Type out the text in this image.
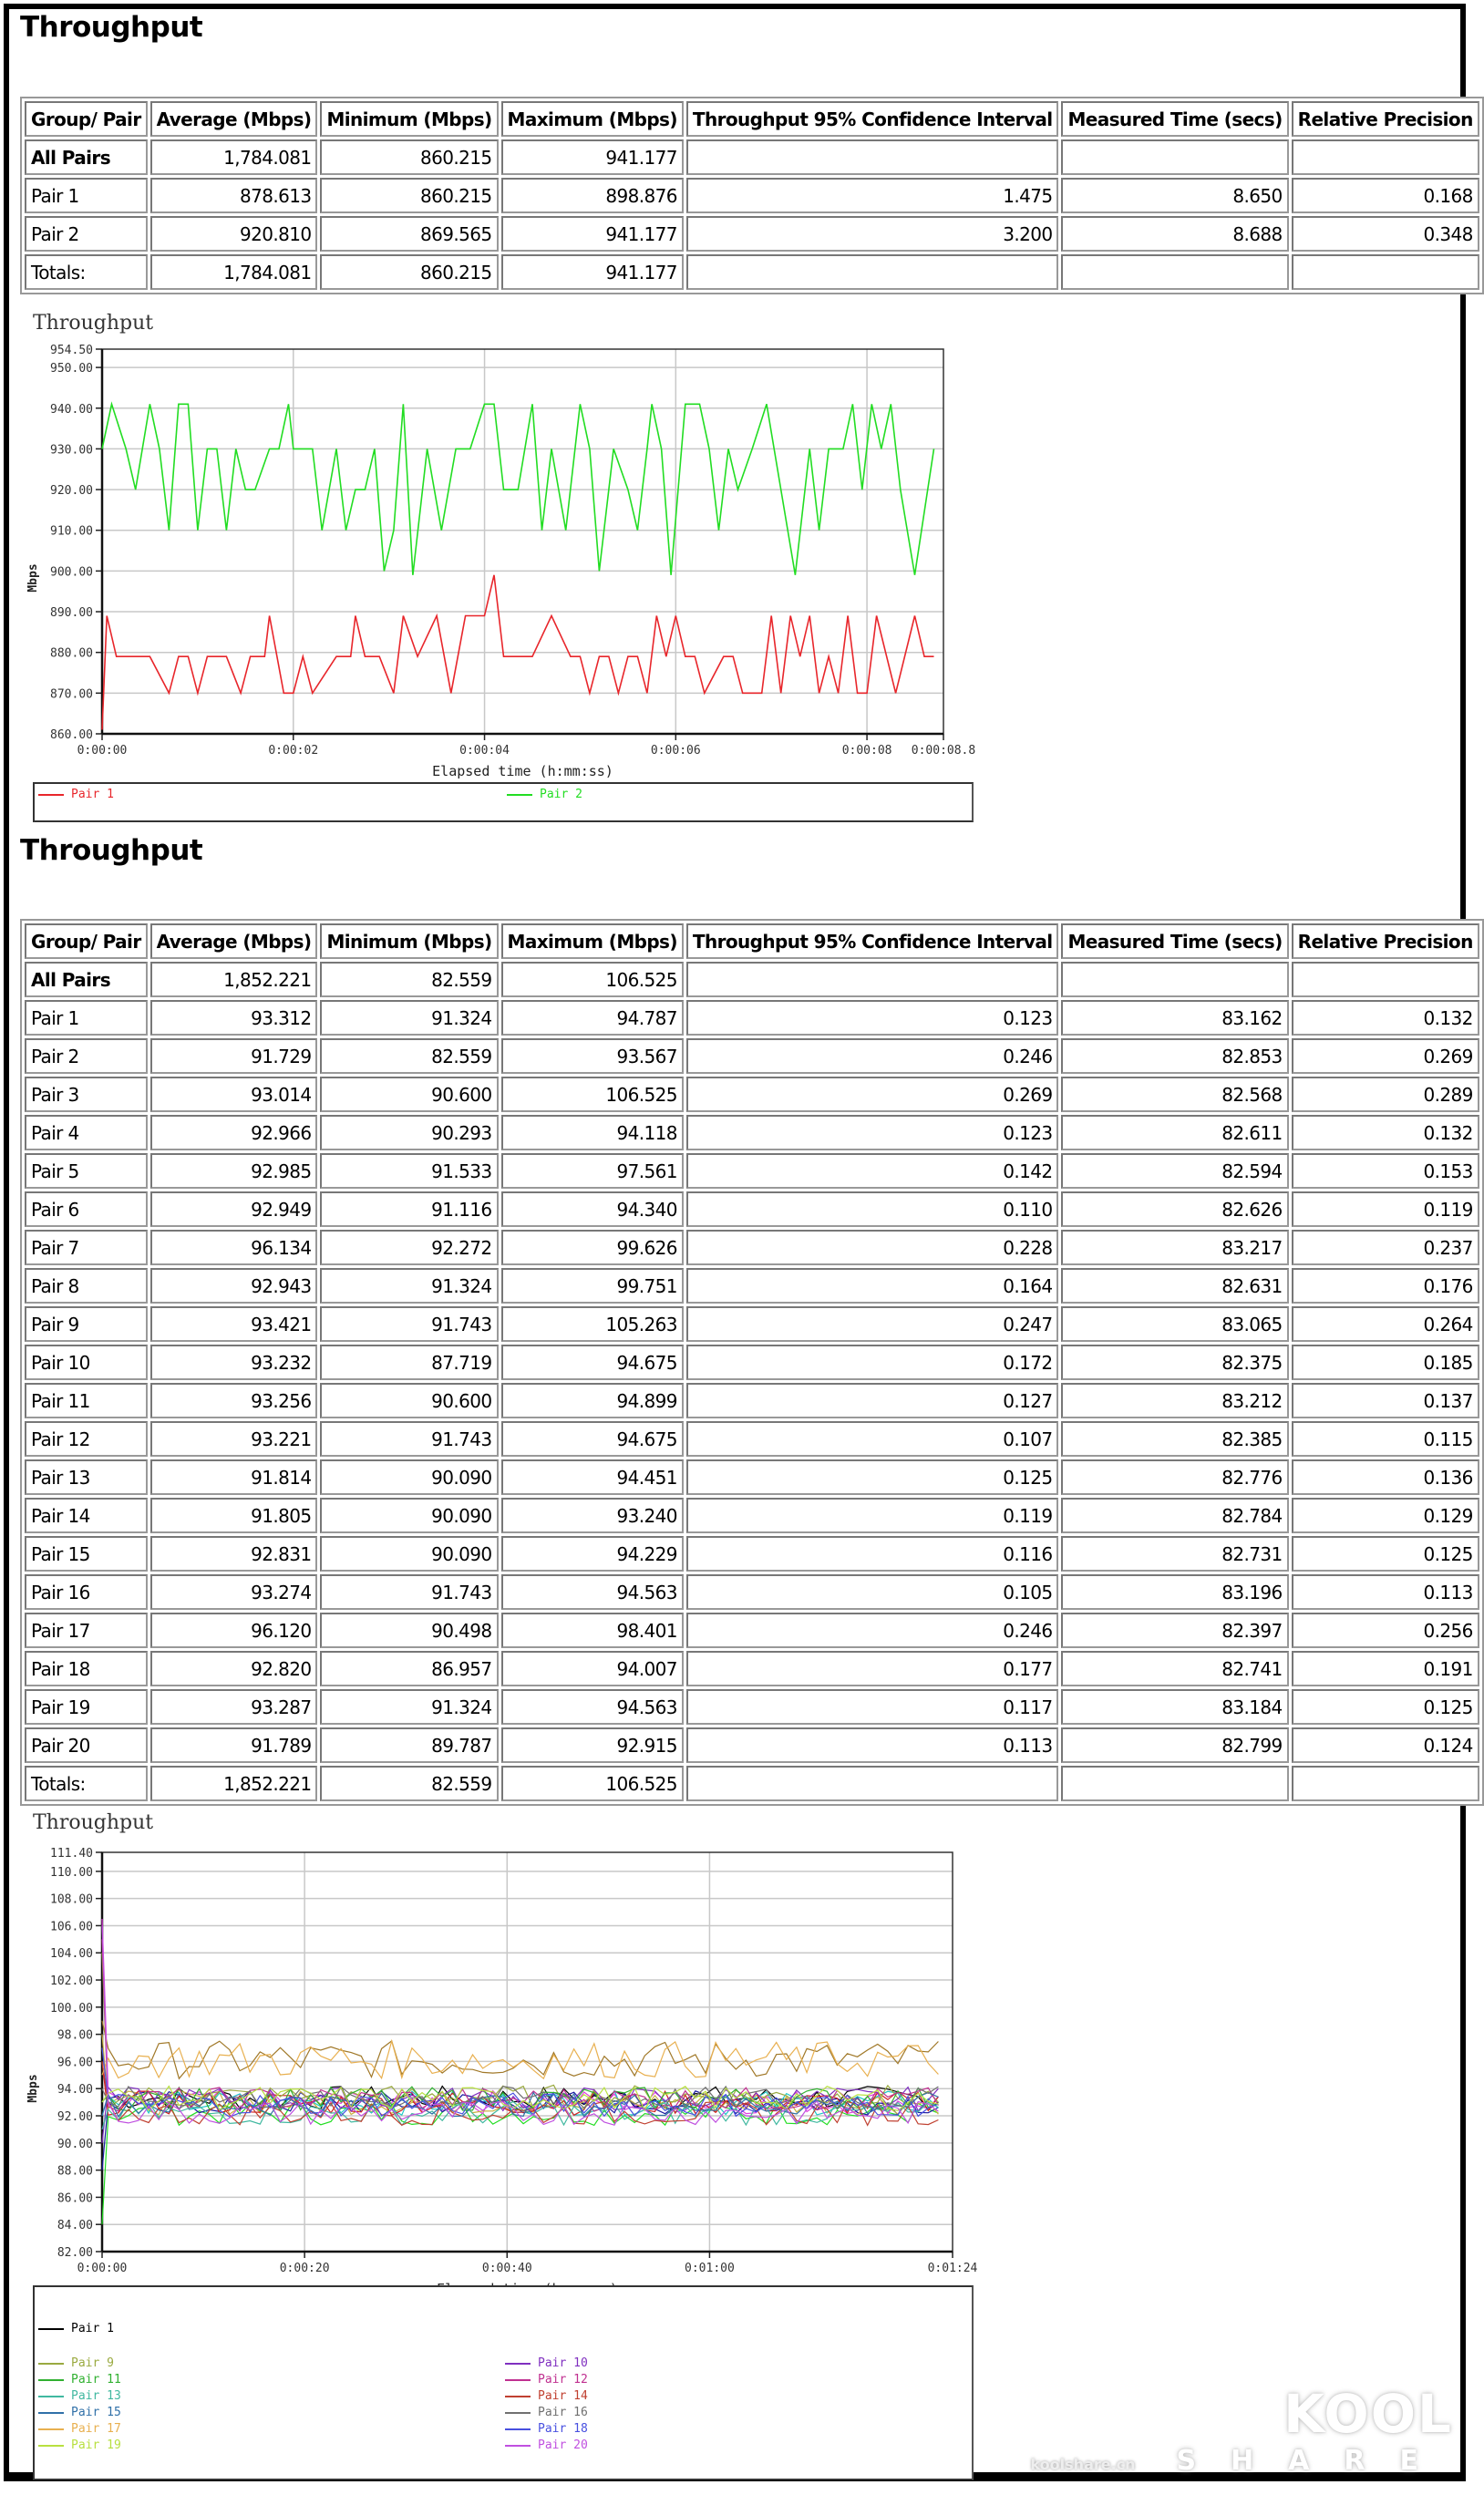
Throughput
Group/ Pair	Average (Mbps)	Minimum (Mbps)	Maximum (Mbps)	Throughput 95% Confidence Interval	Measured Time (secs)	Relative Precision
All Pairs	1,784.081	860.215	941.177			
Pair 1	878.613	860.215	898.876	1.475	8.650	0.168
Pair 2	920.810	869.565	941.177	3.200	8.688	0.348
Totals:	1,784.081	860.215	941.177			
Throughput
954.50
950.00
940.00
930.00
920.00
910.00
900.00
890.00
880.00
870.00
860.00
0:00:00	0:00:02	0:00:04	0:00:06	0:00:08 0:00:08.8
Elapsed time (h:mm:ss)
Mbps
Pair 1	Pair 2
Throughput
Group/ Pair	Average (Mbps)	Minimum (Mbps)	Maximum (Mbps)	Throughput 95% Confidence Interval	Measured Time (secs)	Relative Precision
All Pairs	1,852.221	82.559	106.525			
Pair 1	93.312	91.324	94.787	0.123	83.162	0.132
Pair 2	91.729	82.559	93.567	0.246	82.853	0.269
Pair 3	93.014	90.600	106.525	0.269	82.568	0.289
Pair 4	92.966	90.293	94.118	0.123	82.611	0.132
Pair 5	92.985	91.533	97.561	0.142	82.594	0.153
Pair 6	92.949	91.116	94.340	0.110	82.626	0.119
Pair 7	96.134	92.272	99.626	0.228	83.217	0.237
Pair 8	92.943	91.324	99.751	0.164	82.631	0.176
Pair 9	93.421	91.743	105.263	0.247	83.065	0.264
Pair 10	93.232	87.719	94.675	0.172	82.375	0.185
Pair 11	93.256	90.600	94.899	0.127	83.212	0.137
Pair 12	93.221	91.743	94.675	0.107	82.385	0.115
Pair 13	91.814	90.090	94.451	0.125	82.776	0.136
Pair 14	91.805	90.090	93.240	0.119	82.784	0.129
Pair 15	92.831	90.090	94.229	0.116	82.731	0.125
Pair 16	93.274	91.743	94.563	0.105	83.196	0.113
Pair 17	96.120	90.498	98.401	0.246	82.397	0.256
Pair 18	92.820	86.957	94.007	0.177	82.741	0.191
Pair 19	93.287	91.324	94.563	0.117	83.184	0.125
Pair 20	91.789	89.787	92.915	0.113	82.799	0.124
Totals:	1,852.221	82.559	106.525			
Throughput
111.40
110.00
108.00
106.00
104.00
102.00
100.00
98.00
96.00
94.00
92.00
90.00
88.00
86.00
84.00
82.00
0:00:00	0:00:20	0:00:40	0:01:00	0:01:24
Mbps
Pair 1
Pair 9
Pair 11
Pair 13
Pair 15
Pair 17
Pair 19
Pair 10
Pair 12
Pair 14
Pair 16
Pair 18
Pair 20
KOOL
SHARE
koolshare.cn
